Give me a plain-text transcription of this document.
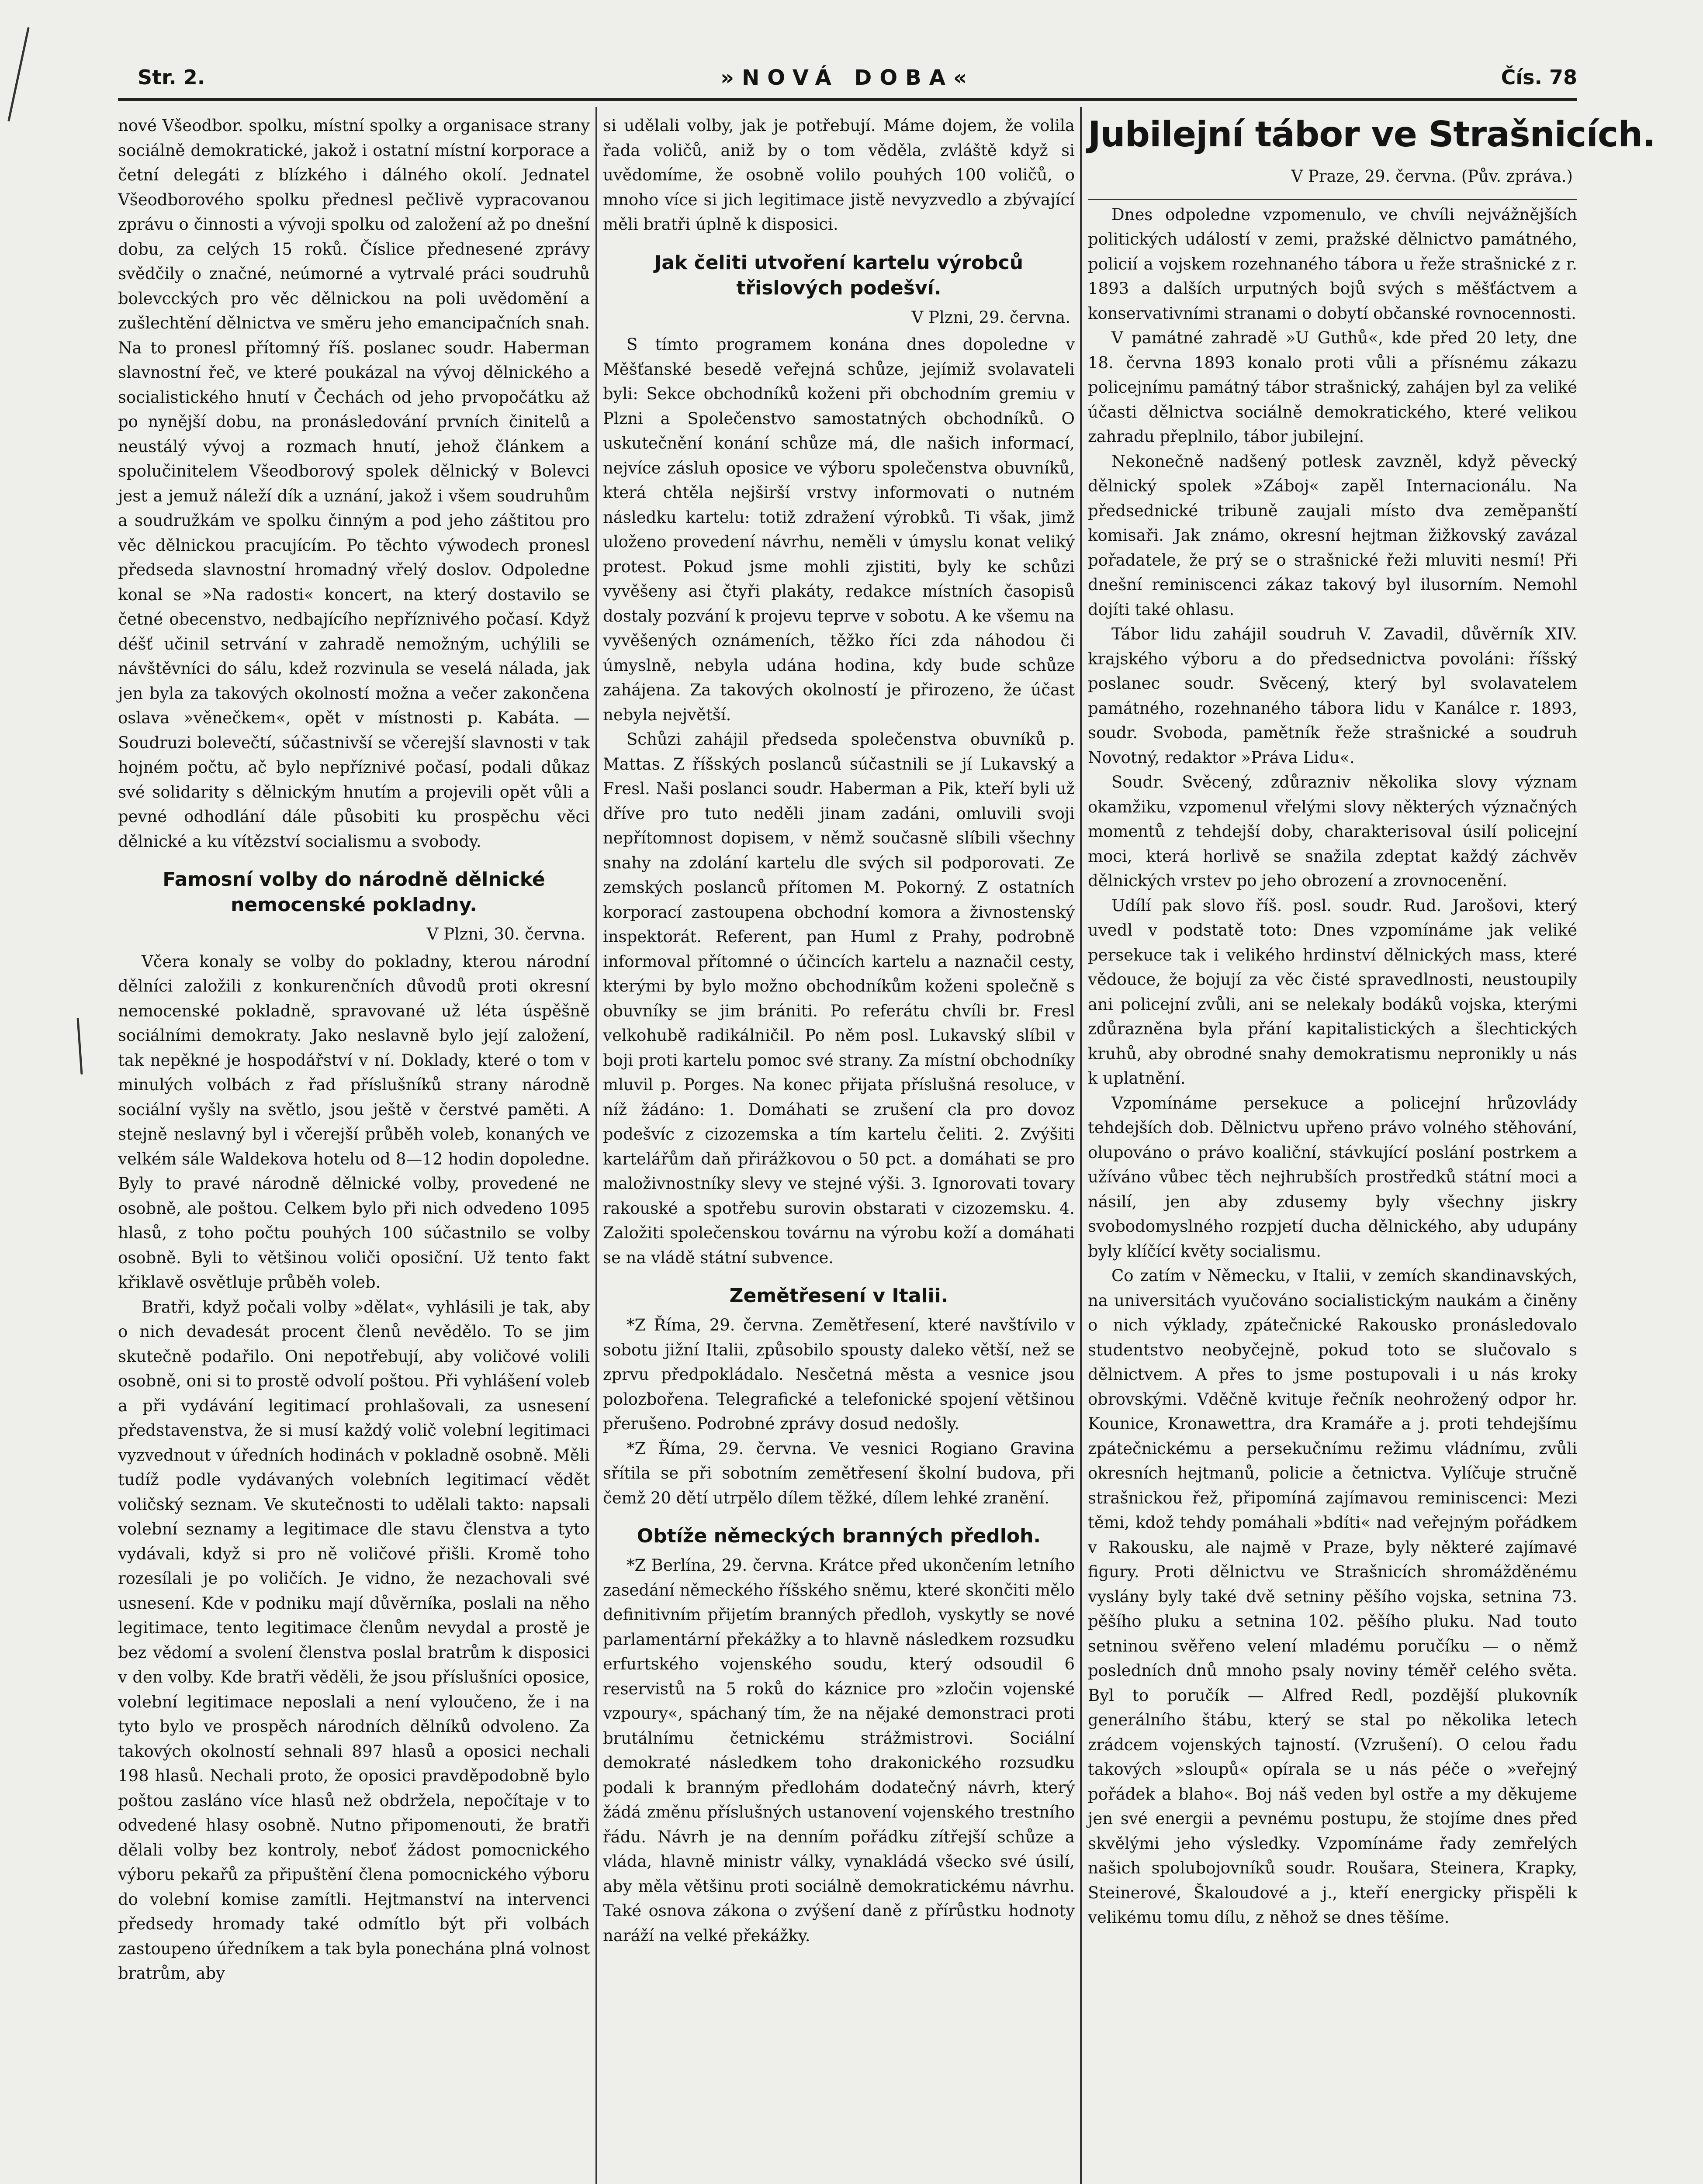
Str. 2.	»NOVÁ DOBA«	Čís. 78

nové Všeodbor. spolku, místní spolky a organisace strany sociálně demokratické, jakož i ostatní místní korporace a četní delegáti z blízkého i dálného okolí. Jednatel Všeodborového spolku přednesl pečlivě vypracovanou zprávu o činnosti a vývoji spolku od založení až po dnešní dobu, za celých 15 roků. Číslice přednesené zprávy svědčily o značné, neúmorné a vytrvalé práci soudruhů bolevcckých pro věc dělnickou na poli uvědomění a zušlechtění dělnictva ve směru jeho emancipačních snah. Na to pronesl přítomný říš. poslanec soudr. Haberman slavnostní řeč, ve které poukázal na vývoj dělnického a socialistického hnutí v Čechách od jeho prvopočátku až po nynější dobu, na pronásledování prvních činitelů a neustálý vývoj a rozmach hnutí, jehož článkem a spolučinitelem Všeodborový spolek dělnický v Bolevci jest a jemuž náleží dík a uznání, jakož i všem soudruhům a soudružkám ve spolku činným a pod jeho záštitou pro věc dělnickou pracujícím. Po těchto výwodech pronesl předseda slavnostní hromadný vřelý doslov. Odpoledne konal se »Na radosti« koncert, na který dostavilo se četné obecenstvo, nedbajícího nepříznivého počasí. Když déšť učinil setrvání v zahradě nemožným, uchýlili se návštěvníci do sálu, kdež rozvinula se veselá nálada, jak jen byla za takových okolností možna a večer zakončena oslava »věnečkem«, opět v místnosti p. Kabáta. — Soudruzi bolevečtí, súčastnivší se včerejší slavnosti v tak hojném počtu, ač bylo nepříznivé počasí, podali důkaz své solidarity s dělnickým hnutím a projevili opět vůli a pevné odhodlání dále působiti ku prospěchu věci dělnické a ku vítězství socialismu a svobody.

Famosní volby do národně dělnické nemocenské pokladny.
V Plzni, 30. června.

Včera konaly se volby do pokladny, kterou národní dělníci založili z konkurenčních důvodů proti okresní nemocenské pokladně, spravované už léta úspěšně sociálními demokraty. Jako neslavně bylo její založení, tak nepěkné je hospodářství v ní. Doklady, které o tom v minulých volbách z řad příslušníků strany národně sociální vyšly na světlo, jsou ještě v čerstvé paměti. A stejně neslavný byl i včerejší průběh voleb, konaných ve velkém sále Waldekova hotelu od 8—12 hodin dopoledne. Byly to pravé národně dělnické volby, provedené ne osobně, ale poštou. Celkem bylo při nich odvedeno 1095 hlasů, z toho počtu pouhých 100 súčastnilo se volby osobně. Byli to většinou voliči oposiční. Už tento fakt křiklavě osvětluje průběh voleb.

Bratři, když počali volby »dělat«, vyhlásili je tak, aby o nich devadesát procent členů nevědělo. To se jim skutečně podařilo. Oni nepotřebují, aby voličové volili osobně, oni si to prostě odvolí poštou. Při vyhlášení voleb a při vydávání legitimací prohlašovali, za usnesení představenstva, že si musí každý volič volební legitimaci vyzvednout v úředních hodinách v pokladně osobně. Měli tudíž podle vydávaných volebních legitimací vědět voličský seznam. Ve skutečnosti to udělali takto: napsali volební seznamy a legitimace dle stavu členstva a tyto vydávali, když si pro ně voličové přišli. Kromě toho rozesílali je po voličích. Je vidno, že nezachovali své usnesení. Kde v podniku mají důvěrníka, poslali na něho legitimace, tento legitimace členům nevydal a prostě je bez vědomí a svolení členstva poslal bratrům k disposici v den volby. Kde bratři věděli, že jsou příslušníci oposice, volební legitimace neposlali a není vyloučeno, že i na tyto bylo ve prospěch národních dělníků odvoleno. Za takových okolností sehnali 897 hlasů a oposici nechali 198 hlasů. Nechali proto, že oposici pravděpodobně bylo poštou zasláno více hlasů než obdržela, nepočítaje v to odvedené hlasy osobně. Nutno připomenouti, že bratři dělali volby bez kontroly, neboť žádost pomocnického výboru pekařů za připuštění člena pomocnického výboru do volební komise zamítli. Hejtmanství na intervenci předsedy hromady také odmítlo být při volbách zastoupeno úředníkem a tak byla ponechána plná volnost bratrům, aby

si udělali volby, jak je potřebují. Máme dojem, že volila řada voličů, aniž by o tom věděla, zvláště když si uvědomíme, že osobně volilo pouhých 100 voličů, o mnoho více si jich legitimace jistě nevyzvedlo a zbývající měli bratři úplně k disposici.

Jak čeliti utvoření kartelu výrobců třislových podešví.
V Plzni, 29. června.

S tímto programem konána dnes dopoledne v Měšťanské besedě veřejná schůze, jejímiž svolavateli byli: Sekce obchodníků koženi při obchodním gremiu v Plzni a Společenstvo samostatných obchodníků. O uskutečnění konání schůze má, dle našich informací, nejvíce zásluh oposice ve výboru společenstva obuvníků, která chtěla nejširší vrstvy informovati o nutném následku kartelu: totiž zdražení výrobků. Ti však, jimž uloženo provedení návrhu, neměli v úmyslu konat veliký protest. Pokud jsme mohli zjistiti, byly ke schůzi vyvěšeny asi čtyři plakáty, redakce místních časopisů dostaly pozvání k projevu teprve v sobotu. A ke všemu na vyvěšených oznámeních, těžko říci zda náhodou či úmyslně, nebyla udána hodina, kdy bude schůze zahájena. Za takových okolností je přirozeno, že účast nebyla největší.

Schůzi zahájil předseda společenstva obuvníků p. Mattas. Z říšských poslanců súčastnili se jí Lukavský a Fresl. Naši poslanci soudr. Haberman a Pik, kteří byli už dříve pro tuto neděli jinam zadáni, omluvili svoji nepřítomnost dopisem, v němž současně slíbili všechny snahy na zdolání kartelu dle svých sil podporovati. Ze zemských poslanců přítomen M. Pokorný. Z ostatních korporací zastoupena obchodní komora a živnostenský inspektorát. Referent, pan Huml z Prahy, podrobně informoval přítomné o účincích kartelu a naznačil cesty, kterými by bylo možno obchodníkům koženi společně s obuvníky se jim brániti. Po referátu chvíli br. Fresl velkohubě radikálničil. Po něm posl. Lukavský slíbil v boji proti kartelu pomoc své strany. Za místní obchodníky mluvil p. Porges. Na konec přijata příslušná resoluce, v níž žádáno: 1. Domáhati se zrušení cla pro dovoz podešvíc z cizozemska a tím kartelu čeliti. 2. Zvýšiti kartelářům daň přirážkovou o 50 pct. a domáhati se pro maloživnostníky slevy ve stejné výši. 3. Ignorovati tovary rakouské a spotřebu surovin obstarati v cizozemsku. 4. Založiti společenskou továrnu na výrobu koží a domáhati se na vládě státní subvence.

Zemětřesení v Italii.

*Z Říma, 29. června. Zemětřesení, které navštívilo v sobotu jižní Italii, způsobilo spousty daleko větší, než se zprvu předpokládalo. Nesčetná města a vesnice jsou polozbořena. Telegrafické a telefonické spojení většinou přerušeno. Podrobné zprávy dosud nedošly.

*Z Říma, 29. června. Ve vesnici Rogiano Gravina sřítila se při sobotním zemětřesení školní budova, při čemž 20 dětí utrpělo dílem těžké, dílem lehké zranění.

Obtíže německých branných předloh.

*Z Berlína, 29. června. Krátce před ukončením letního zasedání německého říšského sněmu, které skončiti mělo definitivním přijetím branných předloh, vyskytly se nové parlamentární překážky a to hlavně následkem rozsudku erfurtského vojenského soudu, který odsoudil 6 reservistů na 5 roků do káznice pro »zločin vojenské vzpoury«, spáchaný tím, že na nějaké demonstraci proti brutálnímu četnickému strážmistrovi. Sociální demokraté následkem toho drakonického rozsudku podali k branným předlohám dodatečný návrh, který žádá změnu příslušných ustanovení vojenského trestního řádu. Návrh je na denním pořádku zítřejší schůze a vláda, hlavně ministr války, vynakládá všecko své úsilí, aby měla většinu proti sociálně demokratickému návrhu. Také osnova zákona o zvýšení daně z přírůstku hodnoty naráží na velké překážky.

Jubilejní tábor ve Strašnicích.
V Praze, 29. června. (Pův. zpráva.)

Dnes odpoledne vzpomenulo, ve chvíli nejvážnějších politických událostí v zemi, pražské dělnictvo památného, policií a vojskem rozehnaného tábora u řeže strašnické z r. 1893 a dalších urputných bojů svých s měšťáctvem a konservativními stranami o dobytí občanské rovnocennosti.

V památné zahradě »U Guthů«, kde před 20 lety, dne 18. června 1893 konalo proti vůli a přísnému zákazu policejnímu památný tábor strašnický, zahájen byl za veliké účasti dělnictva sociálně demokratického, které velikou zahradu přeplnilo, tábor jubilejní.

Nekonečně nadšený potlesk zavzněl, když pěvecký dělnický spolek »Záboj« zapěl Internacionálu. Na předsednické tribuně zaujali místo dva zeměpanští komisaři. Jak známo, okresní hejtman žižkovský zavázal pořadatele, že prý se o strašnické řeži mluviti nesmí! Při dnešní reminiscenci zákaz takový byl ilusorním. Nemohl dojíti také ohlasu.

Tábor lidu zahájil soudruh V. Zavadil, důvěrník XIV. krajského výboru a do předsednictva povoláni: říšský poslanec soudr. Svěcený, který byl svolavatelem památného, rozehnaného tábora lidu v Kanálce r. 1893, soudr. Svoboda, pamětník řeže strašnické a soudruh Novotný, redaktor »Práva Lidu«.

Soudr. Svěcený, zdůrazniv několika slovy význam okamžiku, vzpomenul vřelými slovy některých význačných momentů z tehdejší doby, charakterisoval úsilí policejní moci, která horlivě se snažila zdeptat každý záchvěv dělnických vrstev po jeho obrození a zrovnocenění.

Udílí pak slovo říš. posl. soudr. Rud. Jarošovi, který uvedl v podstatě toto: Dnes vzpomínáme jak veliké persekuce tak i velikého hrdinství dělnických mass, které vědouce, že bojují za věc čisté spravedlnosti, neustoupily ani policejní zvůli, ani se nelekaly bodáků vojska, kterými zdůrazněna byla přání kapitalistických a šlechtických kruhů, aby obrodné snahy demokratismu nepronikly u nás k uplatnění.

Vzpomínáme persekuce a policejní hrůzovlády tehdejších dob. Dělnictvu upřeno právo volného stěhování, olupováno o právo koaliční, stávkující poslání postrkem a užíváno vůbec těch nejhrubších prostředků státní moci a násilí, jen aby zdusemy byly všechny jiskry svobodomyslného rozpjetí ducha dělnického, aby udupány byly klíčící květy socialismu.

Co zatím v Německu, v Italii, v zemích skandinavských, na universitách vyučováno socialistickým naukám a činěny o nich výklady, zpátečnické Rakousko pronásledovalo studentstvo neobyčejně, pokud toto se slučovalo s dělnictvem. A přes to jsme postupovali i u nás kroky obrovskými. Vděčně kvituje řečník neohrožený odpor hr. Kounice, Kronawettra, dra Kramáře a j. proti tehdejšímu zpátečnickému a persekučnímu režimu vládnímu, zvůli okresních hejtmanů, policie a četnictva. Vylíčuje stručně strašnickou řež, připomíná zajímavou reminiscenci: Mezi těmi, kdož tehdy pomáhali »bdíti« nad veřejným pořádkem v Rakousku, ale najmě v Praze, byly některé zajímavé figury. Proti dělnictvu ve Strašnicích shromážděnému vyslány byly také dvě setniny pěšího vojska, setnina 73. pěšího pluku a setnina 102. pěšího pluku. Nad touto setninou svěřeno velení mladému poručíku — o němž posledních dnů mnoho psaly noviny téměř celého světa. Byl to poručík — Alfred Redl, pozdější plukovník generálního štábu, který se stal po několika letech zrádcem vojenských tajností. (Vzrušení). O celou řadu takových »sloupů« opírala se u nás péče o »veřejný pořádek a blaho«. Boj náš veden byl ostře a my děkujeme jen své energii a pevnému postupu, že stojíme dnes před skvělými jeho výsledky. Vzpomínáme řady zemřelých našich spolubojovníků soudr. Roušara, Steinera, Krapky, Steinerové, Škaloudové a j., kteří energicky přispěli k velikému tomu dílu, z něhož se dnes těšíme.
